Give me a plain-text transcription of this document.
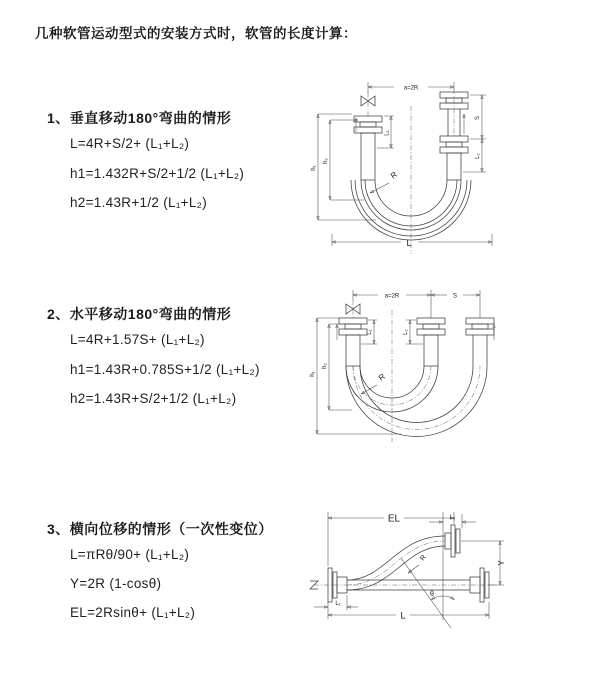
几种软管运动型式的安装方式时，软管的长度计算：
1、垂直移动180°弯曲的情形
L=4R+S/2+ (L₁+L₂)
h1=1.432R+S/2+1/2 (L₁+L₂)
h2=1.43R+1/2 (L₁+L₂)
2、水平移动180°弯曲的情形
L=4R+1.57S+ (L₁+L₂)
h1=1.43R+0.785S+1/2 (L₁+L₂)
h2=1.43R+S/2+1/2 (L₁+L₂)
3、横向位移的情形（一次性变位）
L=πRθ/90+ (L₁+L₂)
Y=2R (1-cosθ)
EL=2Rsinθ+ (L₁+L₂)
a=2R
L₁
S
L₂
h₁
h₂
R
L
a=2R	S
L₁	L₂
h₁
h₂
R
EL	L₂
Y
R
θ
L
L₁
